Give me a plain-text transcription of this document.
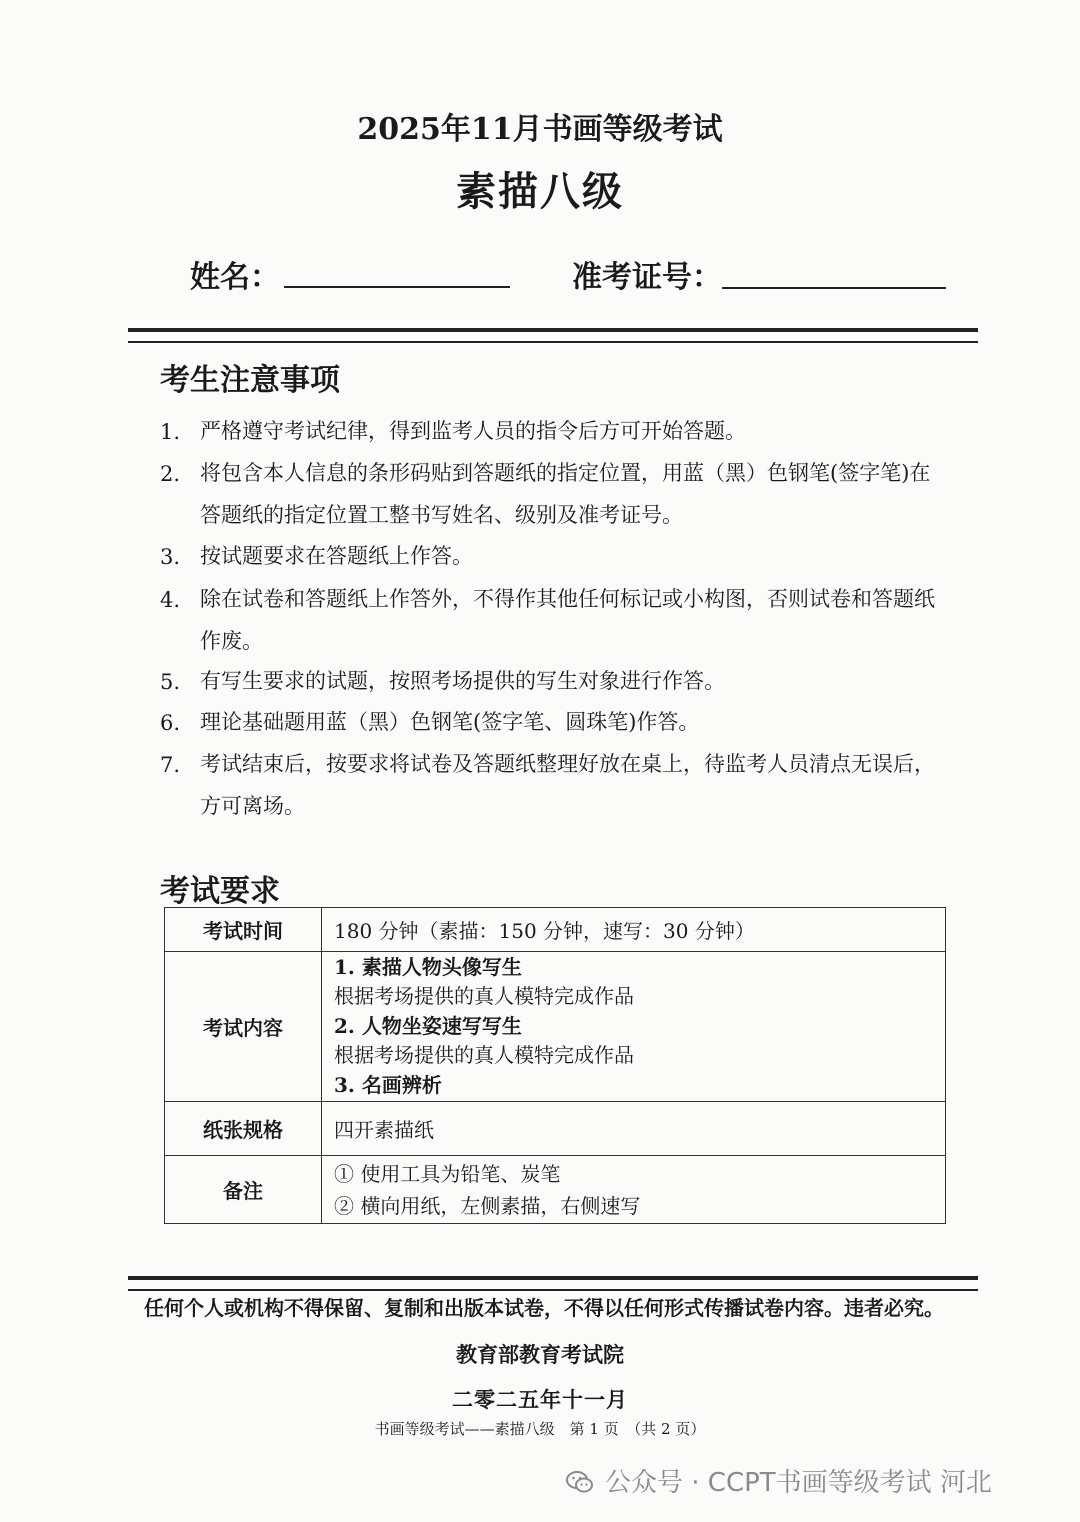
2025年11月书画等级考试
素描八级
姓名：	准考证号：
考生注意事项
1. 严格遵守考试纪律，得到监考人员的指令后方可开始答题。
2. 将包含本人信息的条形码贴到答题纸的指定位置，用蓝（黑）色钢笔(签字笔)在答题纸的指定位置工整书写姓名、级别及准考证号。
3. 按试题要求在答题纸上作答。
4. 除在试卷和答题纸上作答外，不得作其他任何标记或小构图，否则试卷和答题纸作废。
5. 有写生要求的试题，按照考场提供的写生对象进行作答。
6. 理论基础题用蓝（黑）色钢笔(签字笔、圆珠笔)作答。
7. 考试结束后，按要求将试卷及答题纸整理好放在桌上，待监考人员清点无误后，方可离场。
考试要求
考试时间	180 分钟（素描：150 分钟，速写：30 分钟）
考试内容	1. 素描人物头像写生
根据考场提供的真人模特完成作品
2. 人物坐姿速写写生
根据考场提供的真人模特完成作品
3. 名画辨析

纸张规格	四开素描纸
备注	① 使用工具为铅笔、炭笔
② 横向用纸，左侧素描，右侧速写
任何个人或机构不得保留、复制和出版本试卷，不得以任何形式传播试卷内容。违者必究。
教育部教育考试院
二零二五年十一月
书画等级考试——素描八级　第 1 页　（共 2 页）
公众号 · CCPT书画等级考试 河北
